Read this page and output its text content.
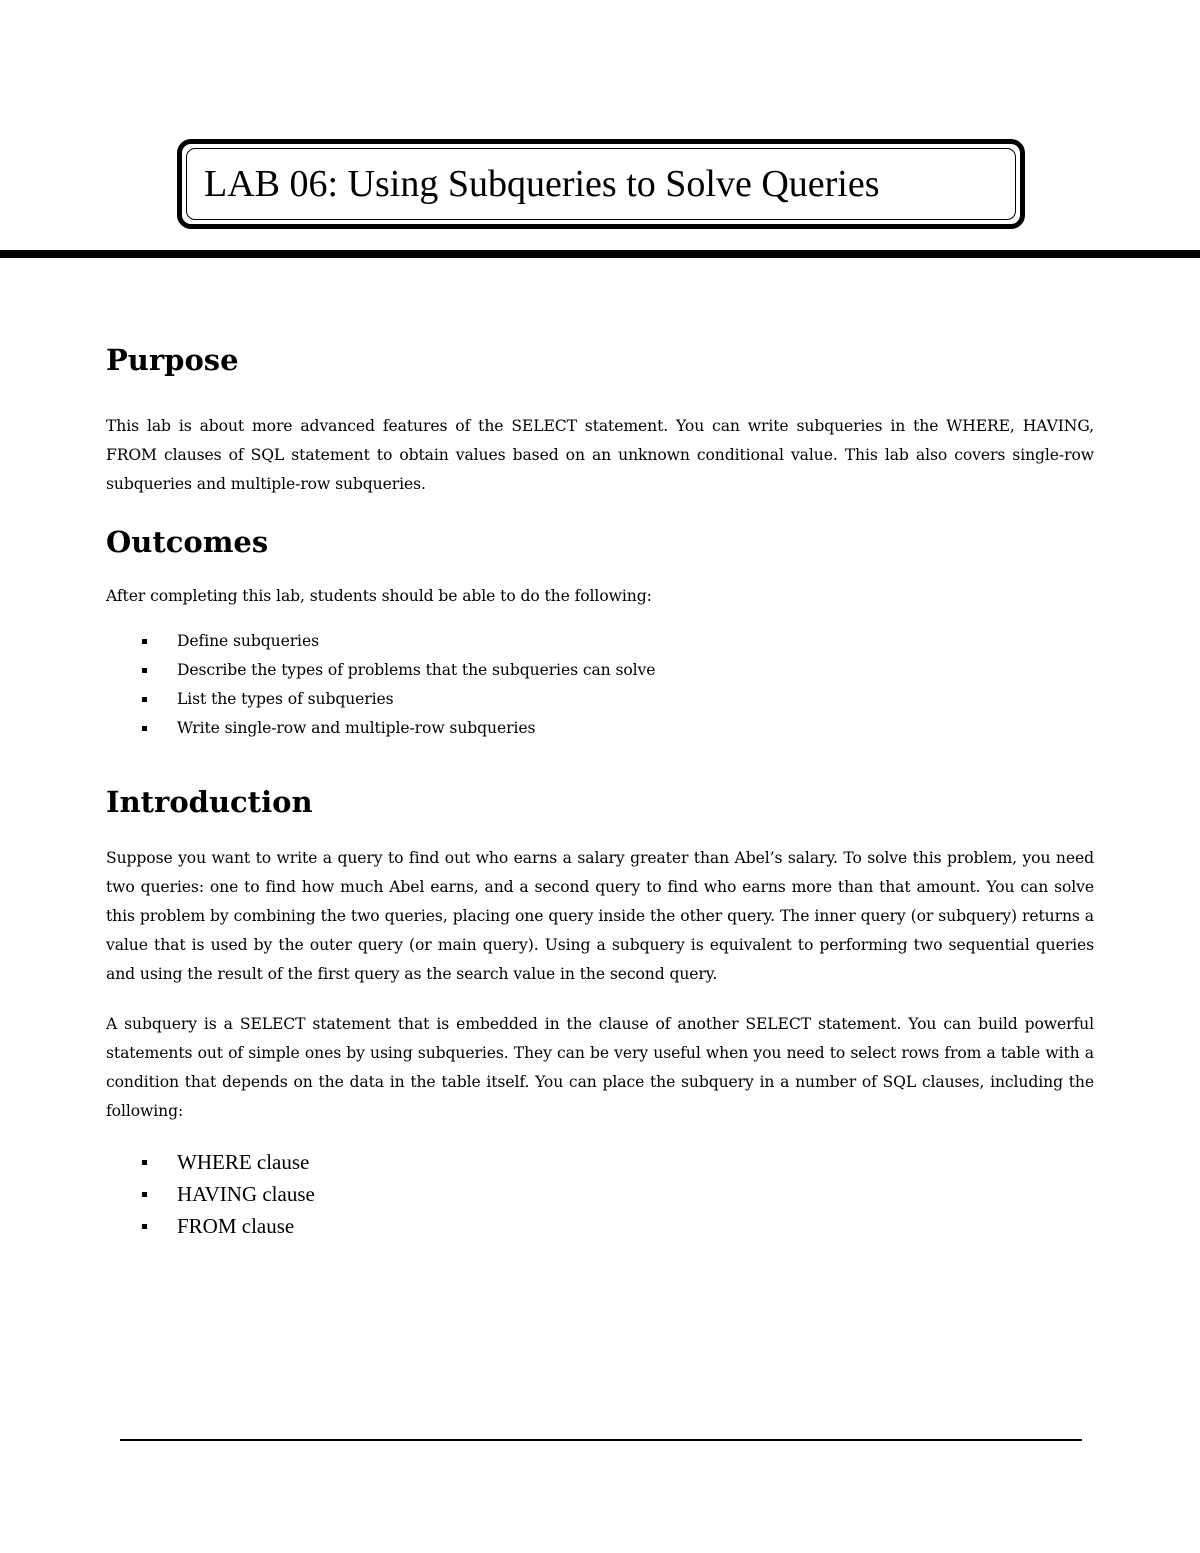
LAB 06: Using Subqueries to Solve Queries
Purpose

This lab is about more advanced features of the SELECT statement. You can write subqueries in the WHERE, HAVING, FROM clauses of SQL statement to obtain values based on an unknown conditional value. This lab also covers single-row subqueries and multiple-row subqueries.

Outcomes

After completing this lab, students should be able to do the following:

Define subqueries
Describe the types of problems that the subqueries can solve
List the types of subqueries
Write single-row and multiple-row subqueries
Introduction

Suppose you want to write a query to find out who earns a salary greater than Abel’s salary. To solve this problem, you need two queries: one to find how much Abel earns, and a second query to find who earns more than that amount. You can solve this problem by combining the two queries, placing one query inside the other query. The inner query (or subquery) returns a value that is used by the outer query (or main query). Using a subquery is equivalent to performing two sequential queries and using the result of the first query as the search value in the second query.

A subquery is a SELECT statement that is embedded in the clause of another SELECT statement. You can build powerful statements out of simple ones by using subqueries. They can be very useful when you need to select rows from a table with a condition that depends on the data in the table itself. You can place the subquery in a number of SQL clauses, including the following:

WHERE clause
HAVING clause
FROM clause
